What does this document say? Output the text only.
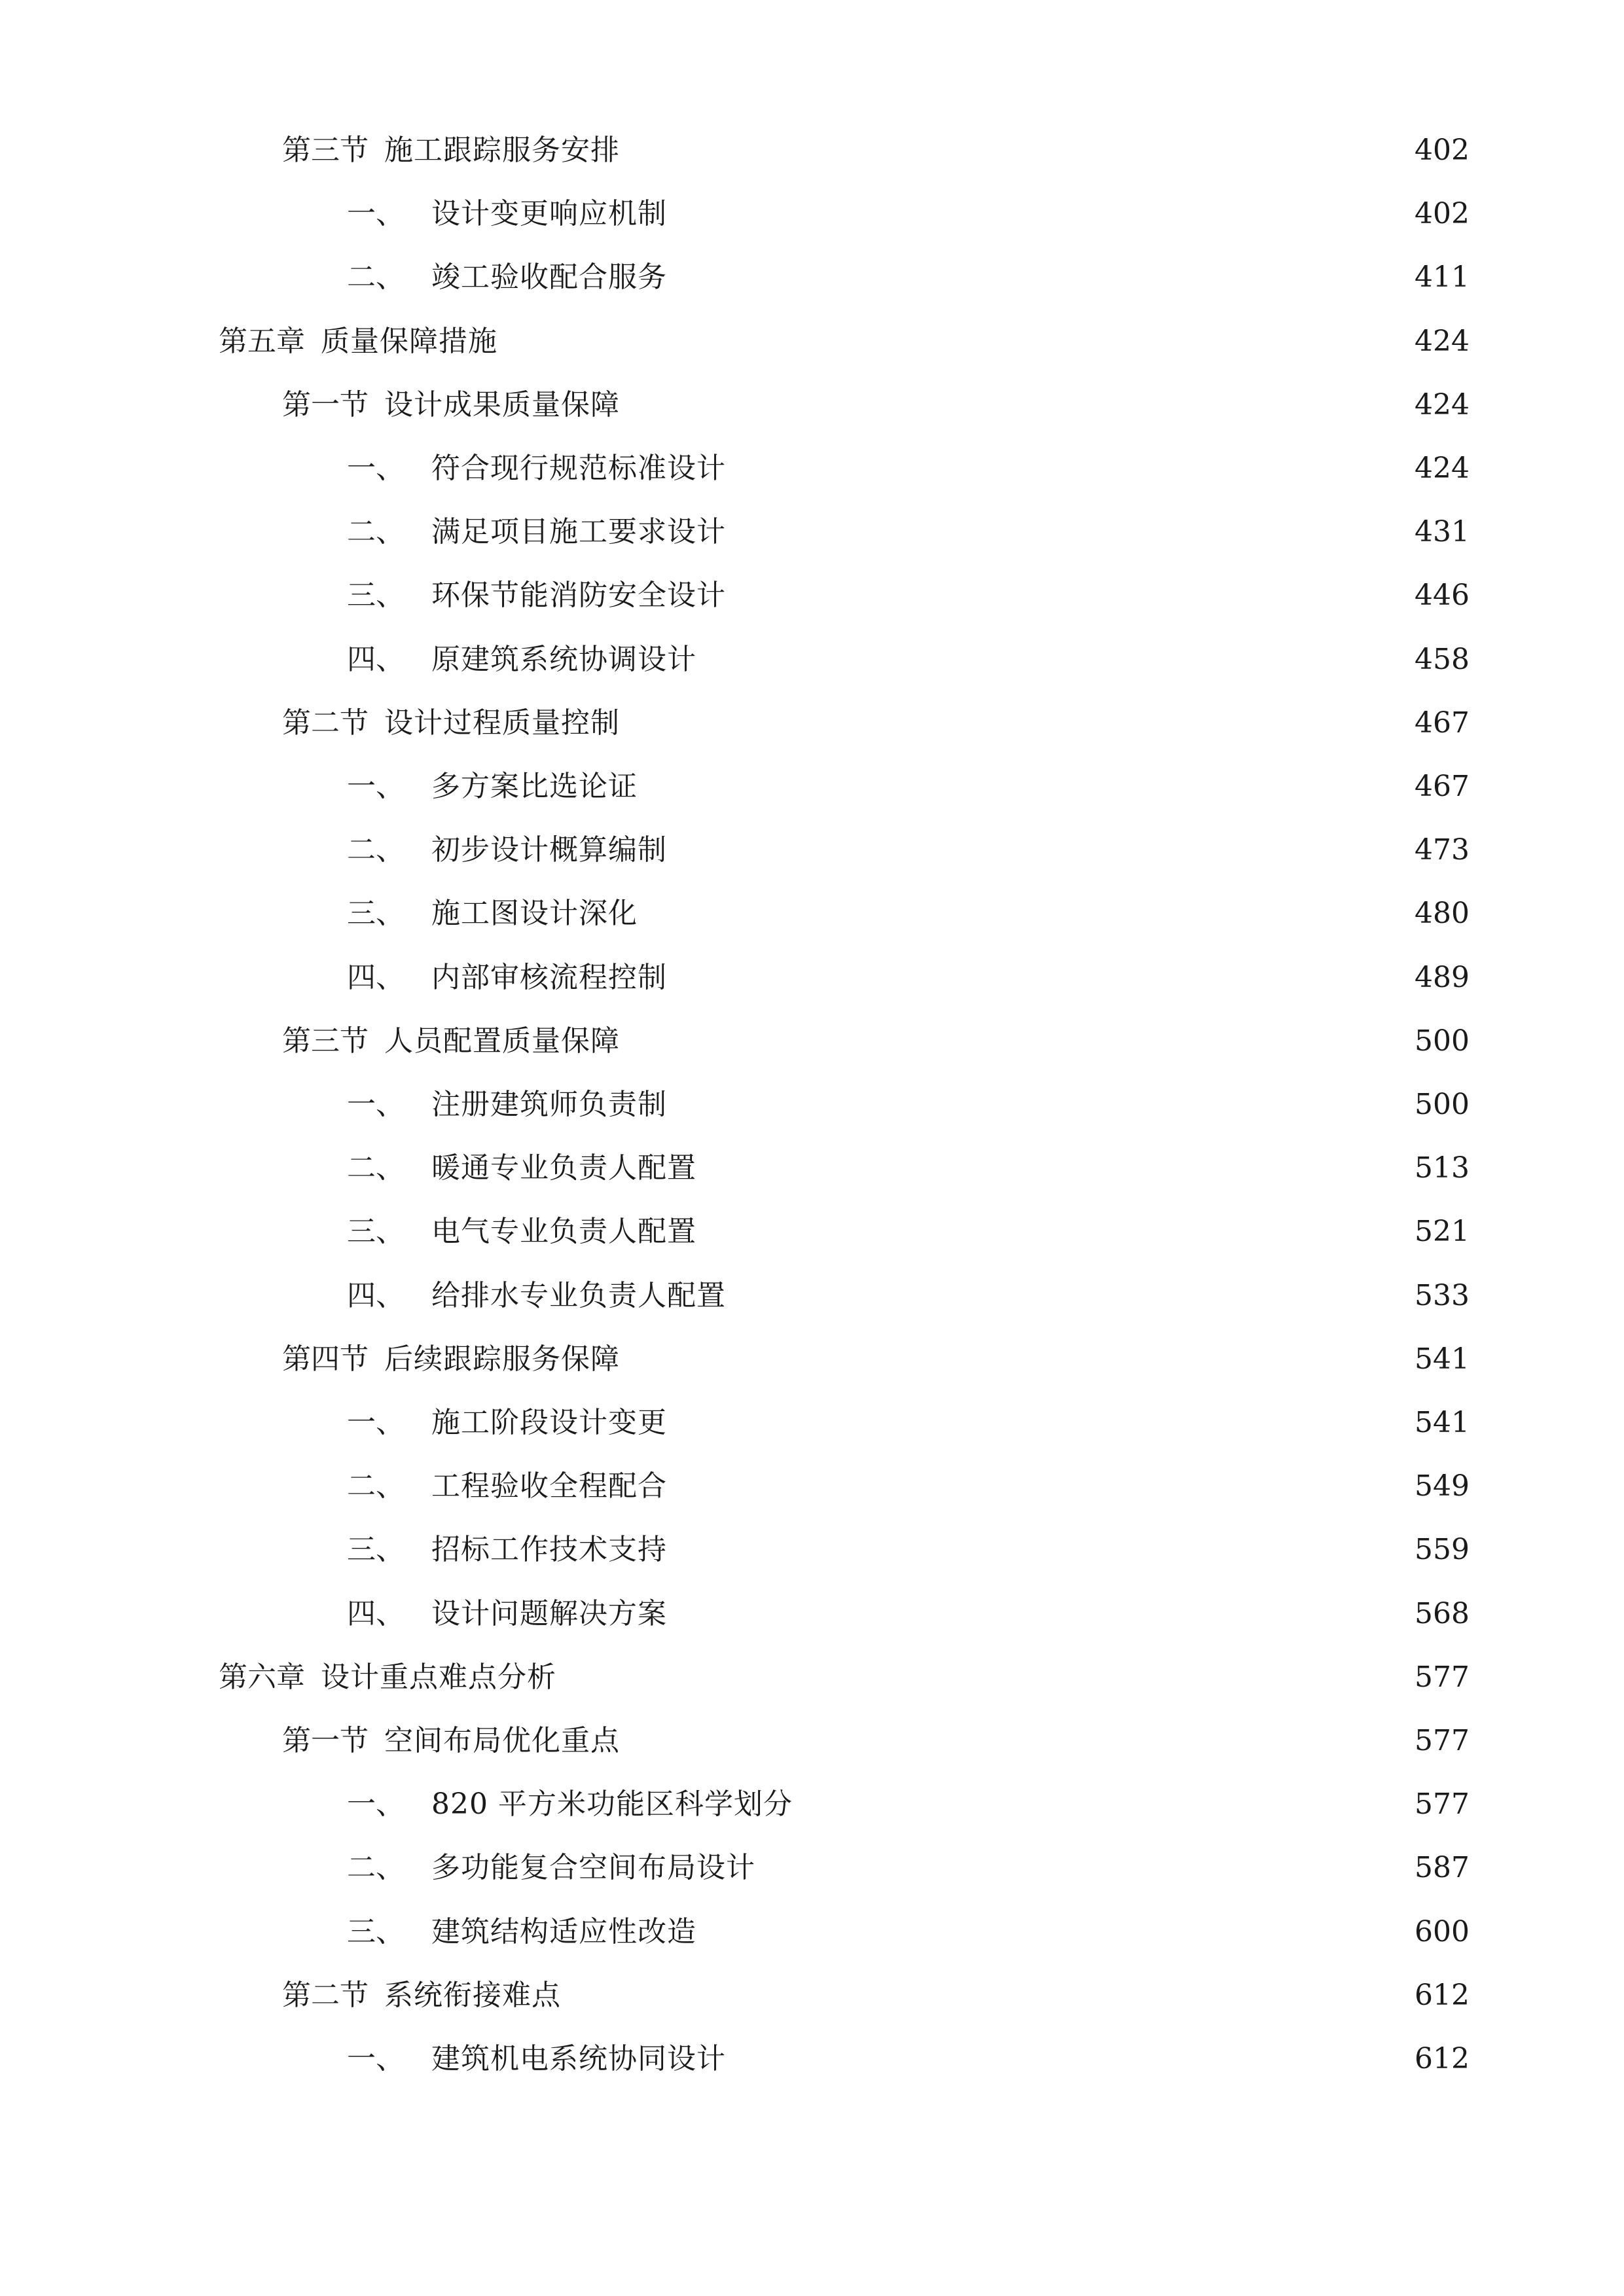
第三节 施工跟踪服务安排	402
一、 设计变更响应机制	402
二、 竣工验收配合服务	411
第五章 质量保障措施	424
第一节 设计成果质量保障	424
一、 符合现行规范标准设计	424
二、 满足项目施工要求设计	431
三、 环保节能消防安全设计	446
四、 原建筑系统协调设计	458
第二节 设计过程质量控制	467
一、 多方案比选论证	467
二、 初步设计概算编制	473
三、 施工图设计深化	480
四、 内部审核流程控制	489
第三节 人员配置质量保障	500
一、 注册建筑师负责制	500
二、 暖通专业负责人配置	513
三、 电气专业负责人配置	521
四、 给排水专业负责人配置	533
第四节 后续跟踪服务保障	541
一、 施工阶段设计变更	541
二、 工程验收全程配合	549
三、 招标工作技术支持	559
四、 设计问题解决方案	568
第六章 设计重点难点分析	577
第一节 空间布局优化重点	577
一、 820 平方米功能区科学划分	577
二、 多功能复合空间布局设计	587
三、 建筑结构适应性改造	600
第二节 系统衔接难点	612
一、 建筑机电系统协同设计	612
